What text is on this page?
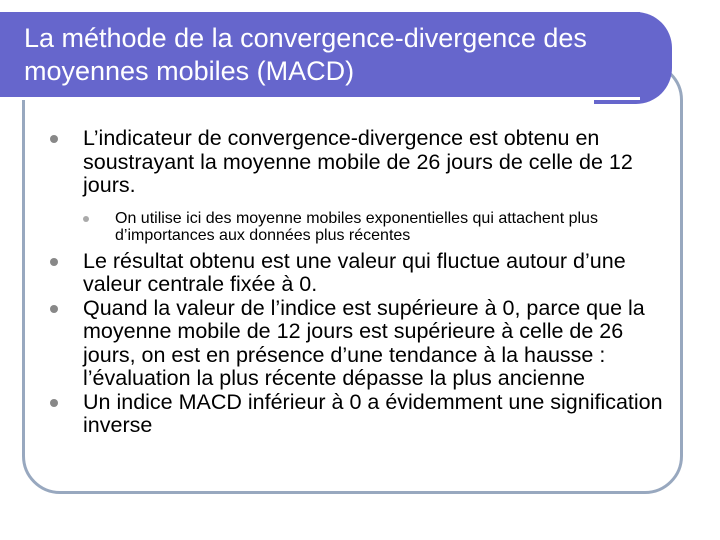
La méthode de la convergence-divergence des moyennes mobiles (MACD)
L’indicateur de convergence-divergence est obtenu en soustrayant la moyenne mobile de 26 jours de celle de 12 jours.
On utilise ici des moyenne mobiles exponentielles qui attachent plus d’importances aux données plus récentes
Le résultat obtenu est une valeur qui fluctue autour d’une valeur centrale fixée à 0.
Quand la valeur de l’indice est supérieure à 0, parce que la moyenne mobile de 12 jours est supérieure à celle de 26 jours, on est en présence d’une tendance à la hausse : l’évaluation la plus récente dépasse la plus ancienne
Un indice MACD inférieur à 0 a évidemment une signification inverse
